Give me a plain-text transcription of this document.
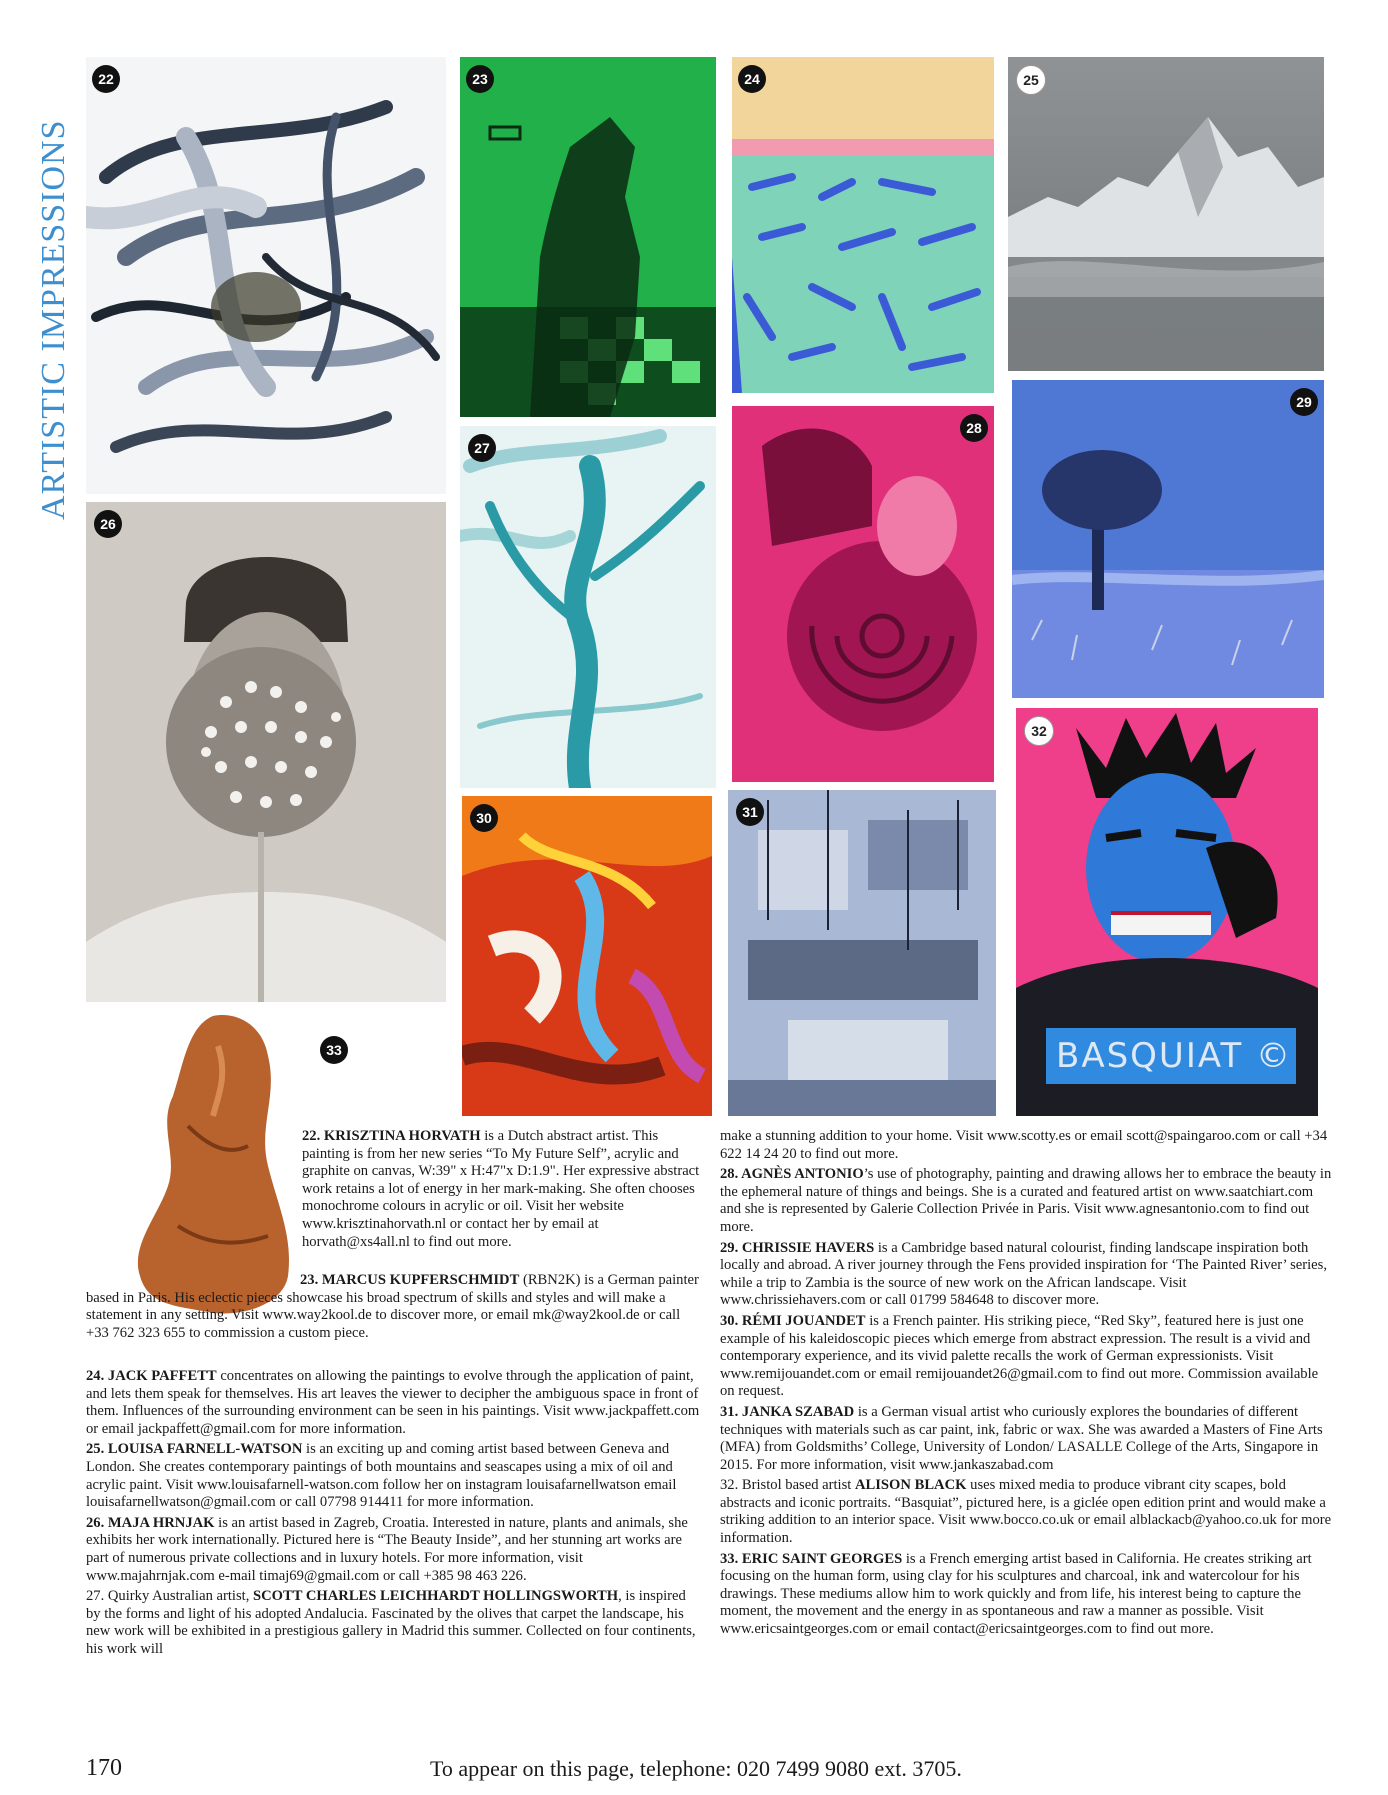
ARTISTIC IMPRESSIONS
22	23	24	25
26
27
28
29
30	31
BASQUIAT ©
32
33

22. KRISZTINA HORVATH is a Dutch abstract artist. This painting is from her new series “To My Future Self”, acrylic and graphite on canvas, W:39" x H:47"x D:1.9". Her expressive abstract work retains a lot of energy in her mark-making. She often chooses monochrome colours in acrylic or oil. Visit her website www.krisztinahorvath.nl or contact her by email at horvath@xs4all.nl to find out more.

23. MARCUS KUPFERSCHMIDT (RBN2K) is a German painter based in Paris. His eclectic pieces showcase his broad spectrum of skills and styles and will make a statement in any setting. Visit www.way2kool.de to discover more, or email mk@way2kool.de or call +33 762 323 655 to commission a custom piece.

24. JACK PAFFETT concentrates on allowing the paintings to evolve through the application of paint, and lets them speak for themselves. His art leaves the viewer to decipher the ambiguous space in front of them. Influences of the surrounding environment can be seen in his paintings. Visit www.jackpaffett.com or email jackpaffett@gmail.com for more information.

25. LOUISA FARNELL-WATSON is an exciting up and coming artist based between Geneva and London. She creates contemporary paintings of both mountains and seascapes using a mix of oil and acrylic paint. Visit www.louisafarnell-watson.com follow her on instagram louisafarnellwatson email louisafarnellwatson@gmail.com or call 07798 914411 for more information.

26. MAJA HRNJAK is an artist based in Zagreb, Croatia. Interested in nature, plants and animals, she exhibits her work internationally. Pictured here is “The Beauty Inside”, and her stunning art works are part of numerous private collections and in luxury hotels. For more information, visit www.majahrnjak.com e-mail timaj69@gmail.com or call +385 98 463 226.

27. Quirky Australian artist, SCOTT CHARLES LEICHHARDT HOLLINGSWORTH, is inspired by the forms and light of his adopted Andalucia. Fascinated by the olives that carpet the landscape, his new work will be exhibited in a prestigious gallery in Madrid this summer. Collected on four continents, his work will

make a stunning addition to your home. Visit www.scotty.es or email scott@spaingaroo.com or call +34 622 14 24 20 to find out more.

28. AGNÈS ANTONIO’s use of photography, painting and drawing allows her to embrace the beauty in the ephemeral nature of things and beings. She is a curated and featured artist on www.saatchiart.com and she is represented by Galerie Collection Privée in Paris. Visit www.agnesantonio.com to find out more.

29. CHRISSIE HAVERS is a Cambridge based natural colourist, finding landscape inspiration both locally and abroad. A river journey through the Fens provided inspiration for ‘The Painted River’ series, while a trip to Zambia is the source of new work on the African landscape. Visit www.chrissiehavers.com or call 01799 584648 to discover more.

30. RÉMI JOUANDET is a French painter. His striking piece, “Red Sky”, featured here is just one example of his kaleidoscopic pieces which emerge from abstract expression. The result is a vivid and contemporary experience, and its vivid palette recalls the work of German expressionists. Visit www.remijouandet.com or email remijouandet26@gmail.com to find out more. Commission available on request.

31. JANKA SZABAD is a German visual artist who curiously explores the boundaries of different techniques with materials such as car paint, ink, fabric or wax. She was awarded a Masters of Fine Arts (MFA) from Goldsmiths’ College, University of London/ LASALLE College of the Arts, Singapore in 2015. For more information, visit www.jankaszabad.com

32. Bristol based artist ALISON BLACK uses mixed media to produce vibrant city scapes, bold abstracts and iconic portraits. “Basquiat”, pictured here, is a giclée open edition print and would make a striking addition to an interior space. Visit www.bocco.co.uk or email alblackacb@yahoo.co.uk for more information.

33. ERIC SAINT GEORGES is a French emerging artist based in California. He creates striking art focusing on the human form, using clay for his sculptures and charcoal, ink and watercolour for his drawings. These mediums allow him to work quickly and from life, his interest being to capture the moment, the movement and the energy in as spontaneous and raw a manner as possible. Visit www.ericsaintgeorges.com or email contact@ericsaintgeorges.com to find out more.

170	To appear on this page, telephone: 020 7499 9080 ext. 3705.
